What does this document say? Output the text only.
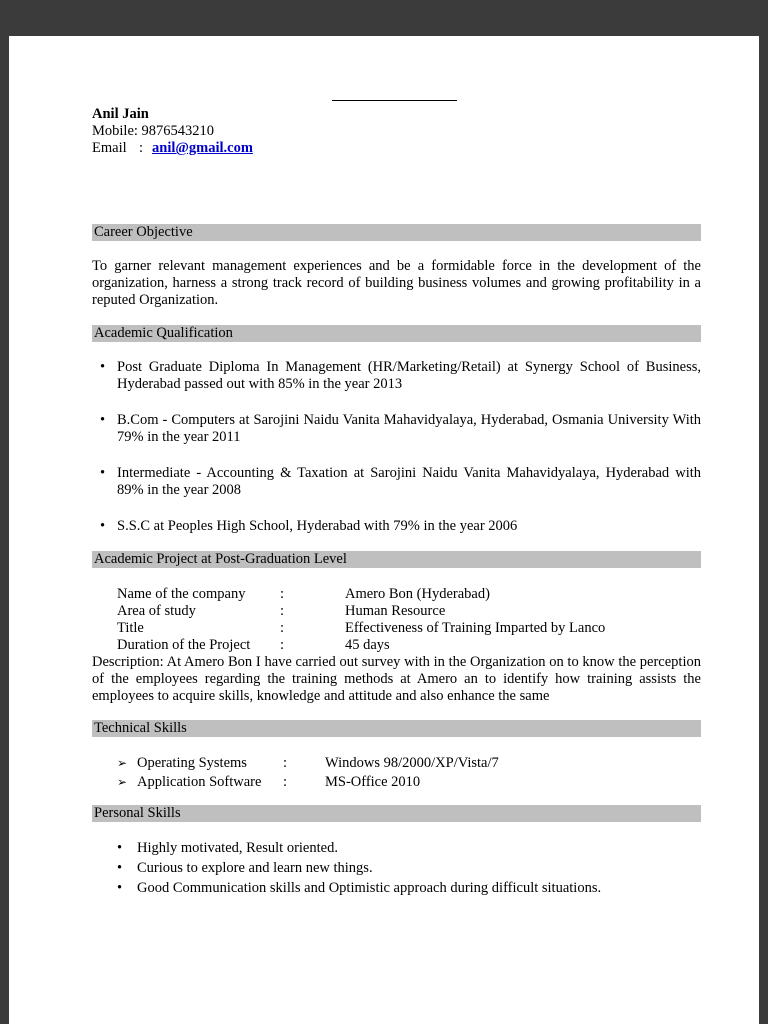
Anil Jain
Mobile: 9876543210
Email : anil@gmail.com
Career Objective

To garner relevant management experiences and be a formidable force in the development of the organization, harness a strong track record of building business volumes and growing profitability in a reputed Organization.

Academic Qualification
• Post Graduate Diploma In Management (HR/Marketing/Retail) at Synergy School of Business, Hyderabad passed out with 85% in the year 2013
• B.Com - Computers at Sarojini Naidu Vanita Mahavidyalaya, Hyderabad, Osmania University With 79% in the year 2011
• Intermediate - Accounting & Taxation at Sarojini Naidu Vanita Mahavidyalaya, Hyderabad with 89% in the year 2008
• S.S.C at Peoples High School, Hyderabad with 79% in the year 2006
Academic Project at Post-Graduation Level
Name of the company	:	Amero Bon (Hyderabad)
Area of study	:	Human Resource
Title	:	Effectiveness of Training Imparted by Lanco
Duration of the Project	:	45 days

Description: At Amero Bon I have carried out survey with in the Organization on to know the perception of the employees regarding the training methods at Amero an to identify how training assists the employees to acquire skills, knowledge and attitude and also enhance the same

Technical Skills
➢ Operating Systems	:	Windows 98/2000/XP/Vista/7
➢ Application Software	:	MS-Office 2010
Personal Skills
•	Highly motivated, Result oriented.
•	Curious to explore and learn new things.
•	Good Communication skills and Optimistic approach during difficult situations.
